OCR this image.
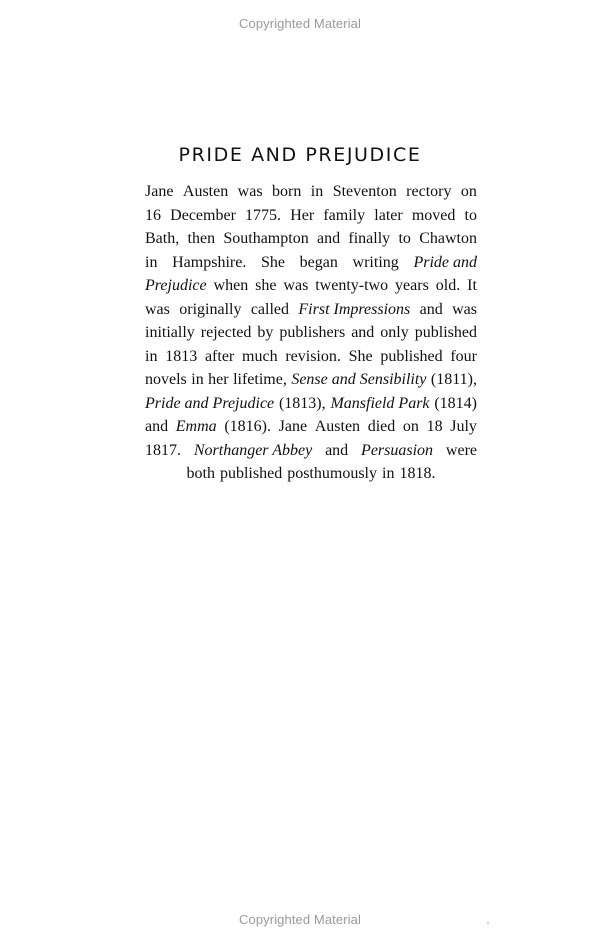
Copyrighted Material
PRIDE AND PREJUDICE
Jane Austen was born in Steventon rectory on
16 December 1775. Her family later moved to
Bath, then Southampton and finally to Chawton
in Hampshire. She began writing Pride and
Prejudice when she was twenty-two years old. It
was originally called First Impressions and was
initially rejected by publishers and only published
in 1813 after much revision. She published four
novels in her lifetime, Sense and Sensibility (1811),
Pride and Prejudice (1813), Mansfield Park (1814)
and Emma (1816). Jane Austen died on 18 July
1817. Northanger Abbey and Persuasion were
both published posthumously in 1818.
Copyrighted Material
